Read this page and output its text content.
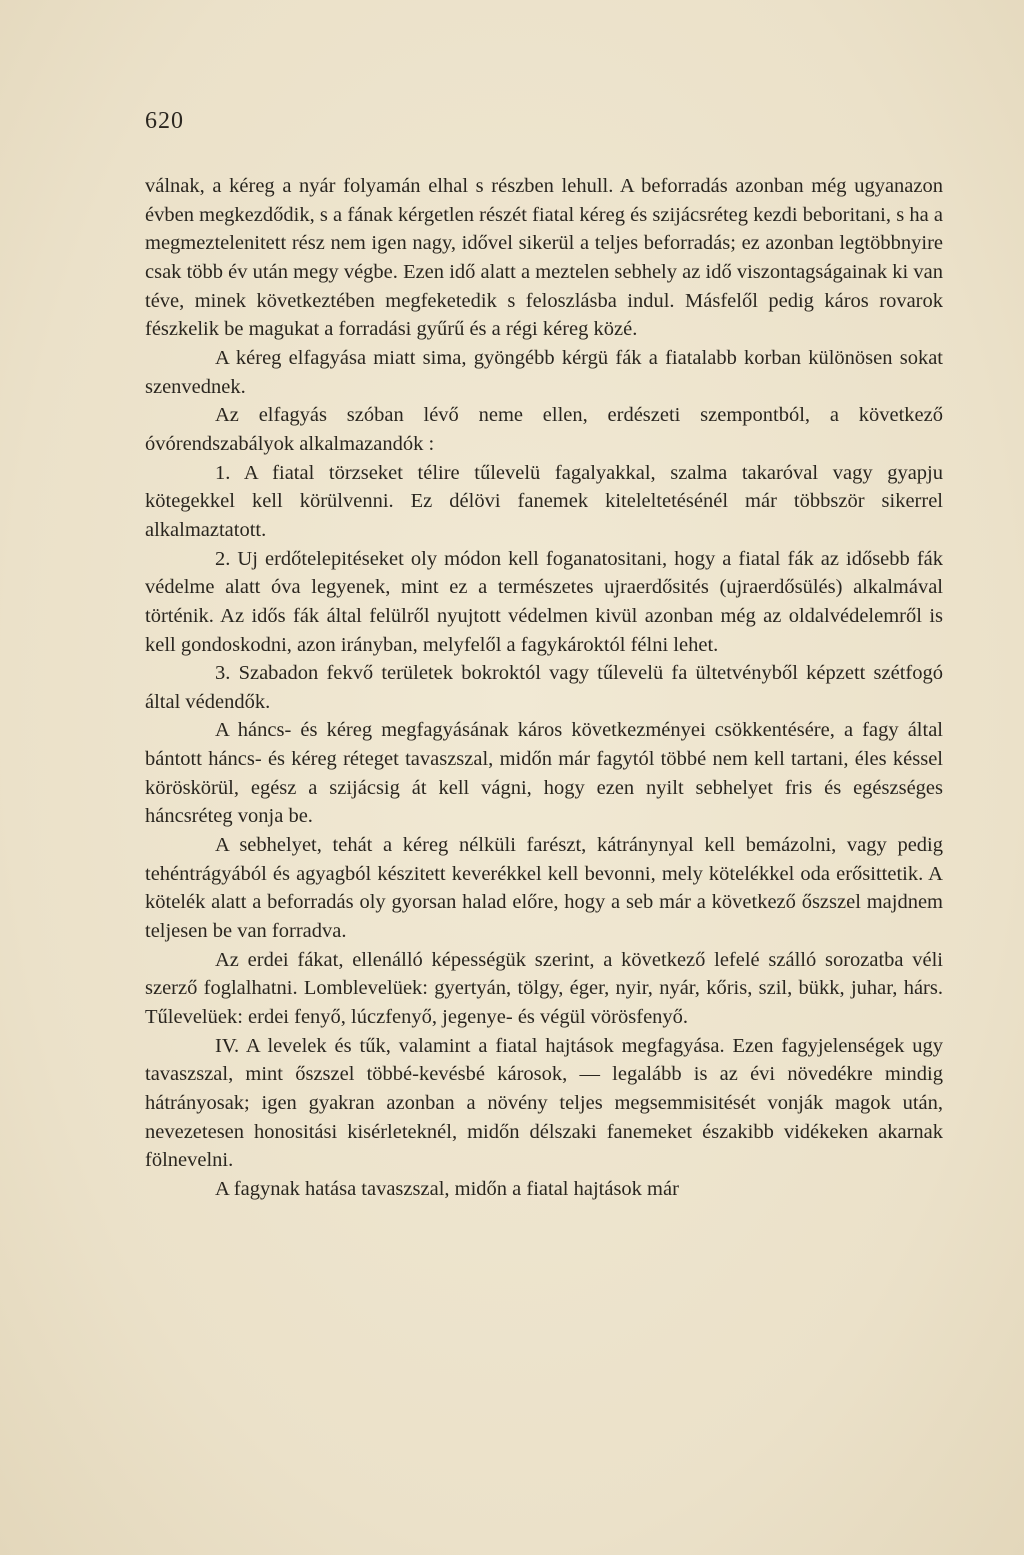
620

válnak, a kéreg a nyár folyamán elhal s részben lehull. A beforradás azonban még ugyanazon évben megkezdődik, s a fának kérgetlen részét fiatal kéreg és szijácsréteg kezdi beboritani, s ha a megmeztelenitett rész nem igen nagy, idővel sikerül a teljes beforradás; ez azonban legtöbbnyire csak több év után megy végbe. Ezen idő alatt a meztelen sebhely az idő viszontagságainak ki van téve, minek következtében megfeketedik s feloszlásba indul. Másfelől pedig káros rovarok fészkelik be magukat a forradási gyűrű és a régi kéreg közé.

A kéreg elfagyása miatt sima, gyöngébb kérgü fák a fiatalabb korban különösen sokat szenvednek.

Az elfagyás szóban lévő neme ellen, erdészeti szempontból, a következő óvórendszabályok alkalmazandók :

1. A fiatal törzseket télire tűlevelü fagalyakkal, szalma takaróval vagy gyapju kötegekkel kell körülvenni. Ez délövi fanemek kiteleltetésénél már többször sikerrel alkalmaztatott.

2. Uj erdőtelepitéseket oly módon kell foganatositani, hogy a fiatal fák az idősebb fák védelme alatt óva legyenek, mint ez a természetes ujraerdősités (ujraerdősülés) alkalmával történik. Az idős fák által felülről nyujtott védelmen kivül azonban még az oldalvédelemről is kell gondoskodni, azon irányban, melyfelől a fagykároktól félni lehet.

3. Szabadon fekvő területek bokroktól vagy tűlevelü fa ültetvényből képzett szétfogó által védendők.

A háncs- és kéreg megfagyásának káros következményei csökkentésére, a fagy által bántott háncs- és kéreg réteget tavaszszal, midőn már fagytól többé nem kell tartani, éles késsel köröskörül, egész a szijácsig át kell vágni, hogy ezen nyilt sebhelyet fris és egészséges háncsréteg vonja be.

A sebhelyet, tehát a kéreg nélküli farészt, kátránynyal kell bemázolni, vagy pedig tehéntrágyából és agyagból készitett keverékkel kell bevonni, mely kötelékkel oda erősittetik. A kötelék alatt a beforradás oly gyorsan halad előre, hogy a seb már a következő őszszel majdnem teljesen be van forradva.

Az erdei fákat, ellenálló képességük szerint, a következő lefelé szálló sorozatba véli szerző foglalhatni. Lomblevelüek: gyertyán, tölgy, éger, nyir, nyár, kőris, szil, bükk, juhar, hárs. Tűlevelüek: erdei fenyő, lúczfenyő, jegenye- és végül vörösfenyő.

IV. A levelek és tűk, valamint a fiatal hajtások megfagyása. Ezen fagyjelenségek ugy tavaszszal, mint őszszel többé-kevésbé károsok, — legalább is az évi növedékre mindig hátrányosak; igen gyakran azonban a növény teljes megsemmisitését vonják magok után, nevezetesen honositási kisérleteknél, midőn délszaki fanemeket északibb vidékeken akarnak fölnevelni.

A fagynak hatása tavaszszal, midőn a fiatal hajtások már
